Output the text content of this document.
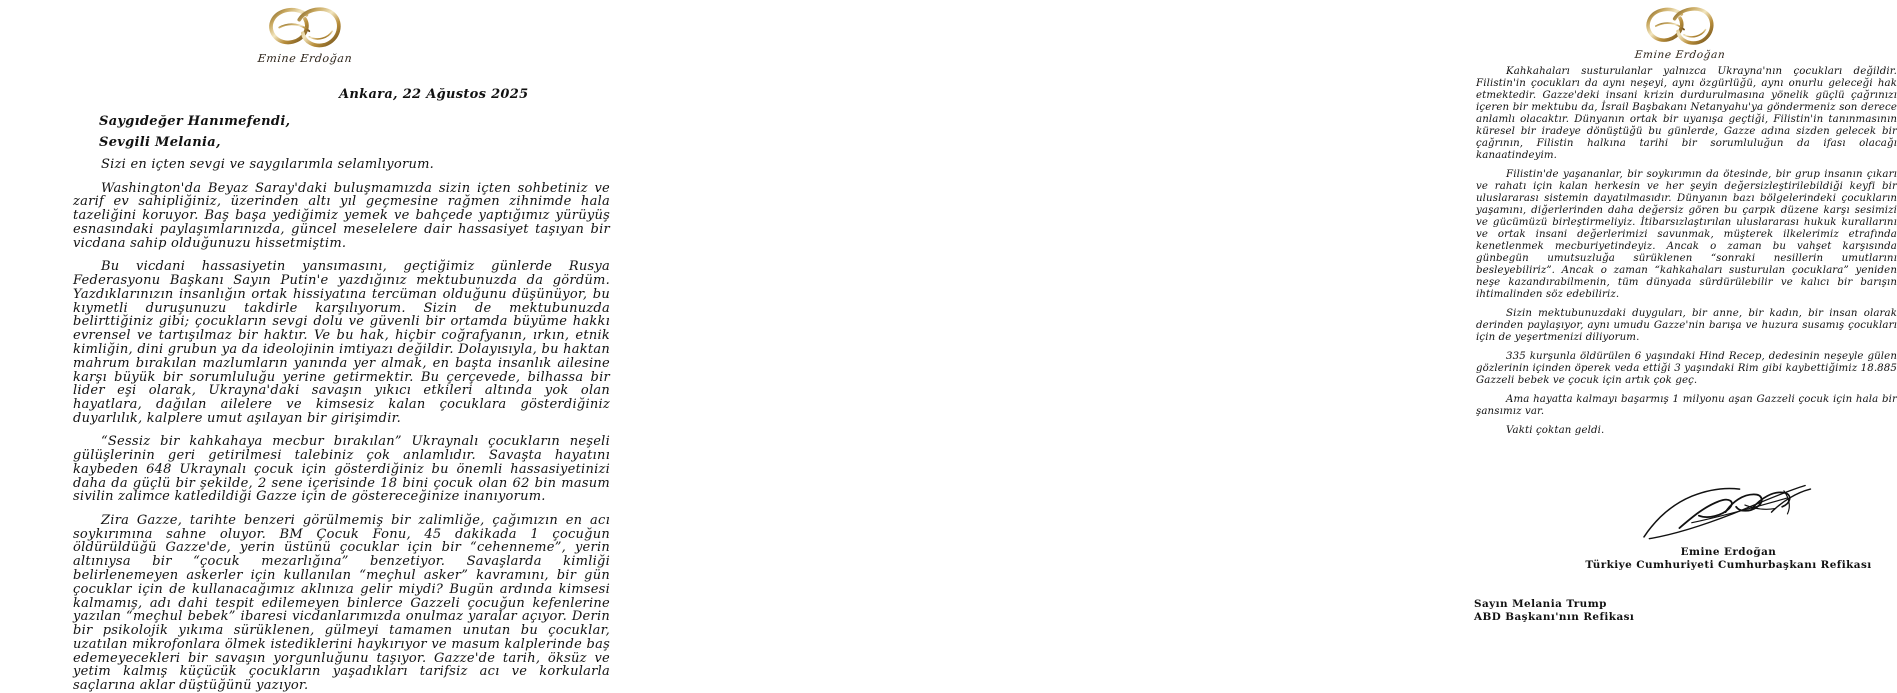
Emine Erdoğan
Ankara, 22 Ağustos 2025
Saygıdeğer Hanımefendi,
Sevgili Melania,

Sizi en içten sevgi ve saygılarımla selamlıyorum.

Washington'da Beyaz Saray'daki buluşmamızda sizin içten sohbetiniz ve zarif ev sahipliğiniz, üzerinden altı yıl geçmesine rağmen zihnimde hala tazeliğini koruyor. Baş başa yediğimiz yemek ve bahçede yaptığımız yürüyüş esnasındaki paylaşımlarınızda, güncel meselelere dair hassasiyet taşıyan bir vicdana sahip olduğunuzu hissetmiştim.

Bu vicdani hassasiyetin yansımasını, geçtiğimiz günlerde Rusya Federasyonu Başkanı Sayın Putin'e yazdığınız mektubunuzda da gördüm. Yazdıklarınızın insanlığın ortak hissiyatına tercüman olduğunu düşünüyor, bu kıymetli duruşunuzu takdirle karşılıyorum. Sizin de mektubunuzda belirttiğiniz gibi; çocukların sevgi dolu ve güvenli bir ortamda büyüme hakkı evrensel ve tartışılmaz bir haktır. Ve bu hak, hiçbir coğrafyanın, ırkın, etnik kimliğin, dini grubun ya da ideolojinin imtiyazı değildir. Dolayısıyla, bu haktan mahrum bırakılan mazlumların yanında yer almak, en başta insanlık ailesine karşı büyük bir sorumluluğu yerine getirmektir. Bu çerçevede, bilhassa bir lider eşi olarak, Ukrayna'daki savaşın yıkıcı etkileri altında yok olan hayatlara, dağılan ailelere ve kimsesiz kalan çocuklara gösterdiğiniz duyarlılık, kalplere umut aşılayan bir girişimdir.

“Sessiz bir kahkahaya mecbur bırakılan” Ukraynalı çocukların neşeli gülüşlerinin geri getirilmesi talebiniz çok anlamlıdır. Savaşta hayatını kaybeden 648 Ukraynalı çocuk için gösterdiğiniz bu önemli hassasiyetinizi daha da güçlü bir şekilde, 2 sene içerisinde 18 bini çocuk olan 62 bin masum sivilin zalimce katledildiği Gazze için de göstereceğinize inanıyorum.

Zira Gazze, tarihte benzeri görülmemiş bir zalimliğe, çağımızın en acı soykırımına sahne oluyor. BM Çocuk Fonu, 45 dakikada 1 çocuğun öldürüldüğü Gazze'de, yerin üstünü çocuklar için bir “cehenneme”, yerin altınıysa bir “çocuk mezarlığına” benzetiyor. Savaşlarda kimliği belirlenemeyen askerler için kullanılan “meçhul asker” kavramını, bir gün çocuklar için de kullanacağımız aklınıza gelir miydi? Bugün ardında kimsesi kalmamış, adı dahi tespit edilemeyen binlerce Gazzeli çocuğun kefenlerine yazılan “meçhul bebek” ibaresi vicdanlarımızda onulmaz yaralar açıyor. Derin bir psikolojik yıkıma sürüklenen, gülmeyi tamamen unutan bu çocuklar, uzatılan mikrofonlara ölmek istediklerini haykırıyor ve masum kalplerinde baş edemeyecekleri bir savaşın yorgunluğunu taşıyor. Gazze'de tarih, öksüz ve yetim kalmış küçücük çocukların yaşadıkları tarifsiz acı ve korkularla saçlarına aklar düştüğünü yazıyor.

Emine Erdoğan

Kahkahaları susturulanlar yalnızca Ukrayna'nın çocukları değildir. Filistin'in çocukları da aynı neşeyi, aynı özgürlüğü, aynı onurlu geleceği hak etmektedir. Gazze'deki insani krizin durdurulmasına yönelik güçlü çağrınızı içeren bir mektubu da, İsrail Başbakanı Netanyahu'ya göndermeniz son derece anlamlı olacaktır. Dünyanın ortak bir uyanışa geçtiği, Filistin'in tanınmasının küresel bir iradeye dönüştüğü bu günlerde, Gazze adına sizden gelecek bir çağrının, Filistin halkına tarihi bir sorumluluğun da ifası olacağı kanaatindeyim.

Filistin'de yaşananlar, bir soykırımın da ötesinde, bir grup insanın çıkarı ve rahatı için kalan herkesin ve her şeyin değersizleştirilebildiği keyfi bir uluslararası sistemin dayatılmasıdır. Dünyanın bazı bölgelerindeki çocukların yaşamını, diğerlerinden daha değersiz gören bu çarpık düzene karşı sesimizi ve gücümüzü birleştirmeliyiz. İtibarsızlaştırılan uluslararası hukuk kurallarını ve ortak insani değerlerimizi savunmak, müşterek ilkelerimiz etrafında kenetlenmek mecburiyetindeyiz. Ancak o zaman bu vahşet karşısında günbegün umutsuzluğa sürüklenen “sonraki nesillerin umutlarını besleyebiliriz”. Ancak o zaman “kahkahaları susturulan çocuklara” yeniden neşe kazandırabilmenin, tüm dünyada sürdürülebilir ve kalıcı bir barışın ihtimalinden söz edebiliriz.

Sizin mektubunuzdaki duyguları, bir anne, bir kadın, bir insan olarak derinden paylaşıyor, aynı umudu Gazze'nin barışa ve huzura susamış çocukları için de yeşertmenizi diliyorum.

335 kurşunla öldürülen 6 yaşındaki Hind Recep, dedesinin neşeyle gülen gözlerinin içinden öperek veda ettiği 3 yaşındaki Rim gibi kaybettiğimiz 18.885 Gazzeli bebek ve çocuk için artık çok geç.

Ama hayatta kalmayı başarmış 1 milyonu aşan Gazzeli çocuk için hala bir şansımız var.

Vakti çoktan geldi.

Emine Erdoğan
Türkiye Cumhuriyeti Cumhurbaşkanı Refikası
Sayın Melania Trump
ABD Başkanı'nın Refikası
